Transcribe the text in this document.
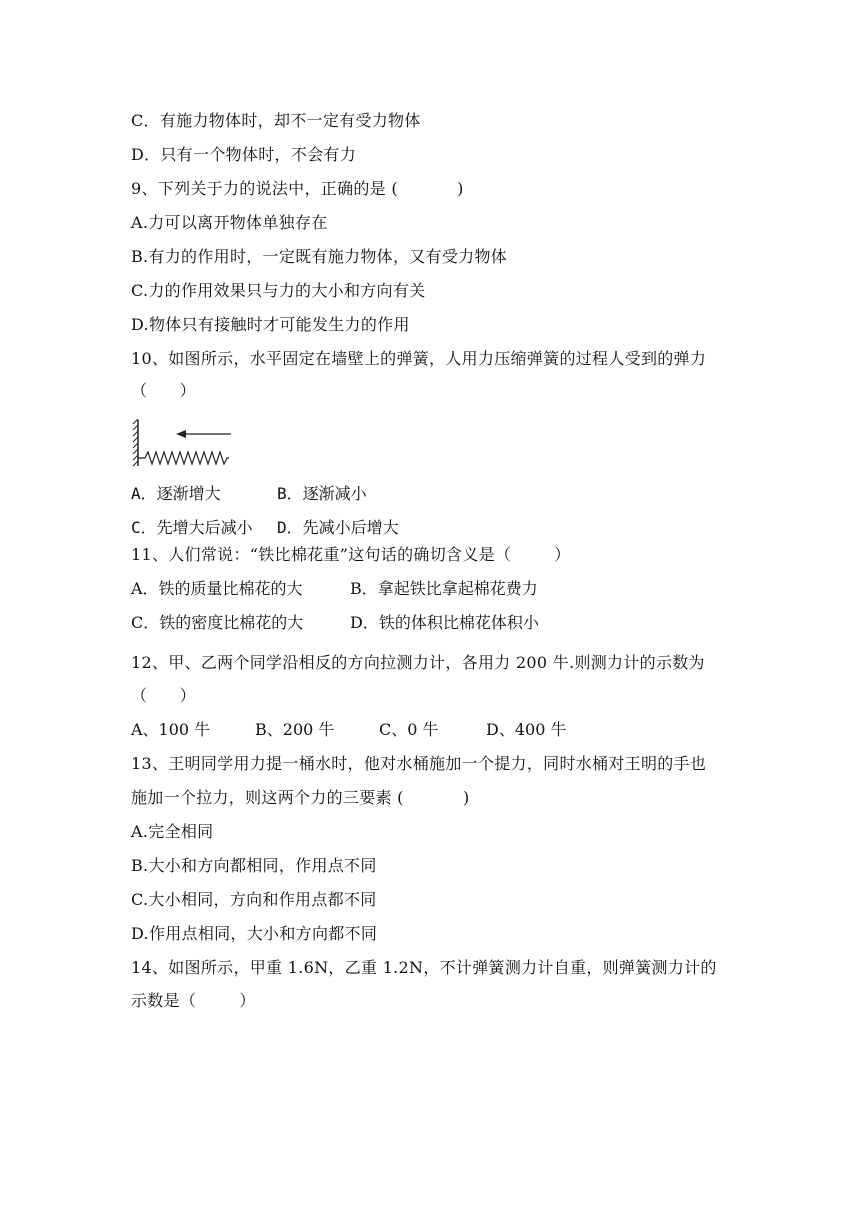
C．有施力物体时，却不一定有受力物体
D．只有一个物体时，不会有力
9、下列关于力的说法中，正确的是 (           )
A.力可以离开物体单独存在
B.有力的作用时，一定既有施力物体，又有受力物体
C.力的作用效果只与力的大小和方向有关
D.物体只有接触时才可能发生力的作用
10、如图所示，水平固定在墙壁上的弹簧，人用力压缩弹簧的过程人受到的弹力
（      ）

A．逐渐增大

	B．逐渐减小

C．先增大后减小

D．先减小后增大

11、人们常说：“铁比棉花重”这句话的确切含义是（        ）

A．铁的质量比棉花的大

	B．拿起铁比拿起棉花费力

C．铁的密度比棉花的大

	D．铁的体积比棉花体积小

12、甲、乙两个同学沿相反的方向拉测力计，各用力 200 牛.则测力计的示数为
（      ）

A、100 牛

	B、200 牛

	C、0 牛

	D、400 牛

13、王明同学用力提一桶水时，他对水桶施加一个提力，同时水桶对王明的手也
施加一个拉力，则这两个力的三要素 (           )
A.完全相同
B.大小和方向都相同，作用点不同
C.大小相同，方向和作用点都不同
D.作用点相同，大小和方向都不同
14、如图所示，甲重 1.6N，乙重 1.2N，不计弹簧测力计自重，则弹簧测力计的
示数是（        ）
